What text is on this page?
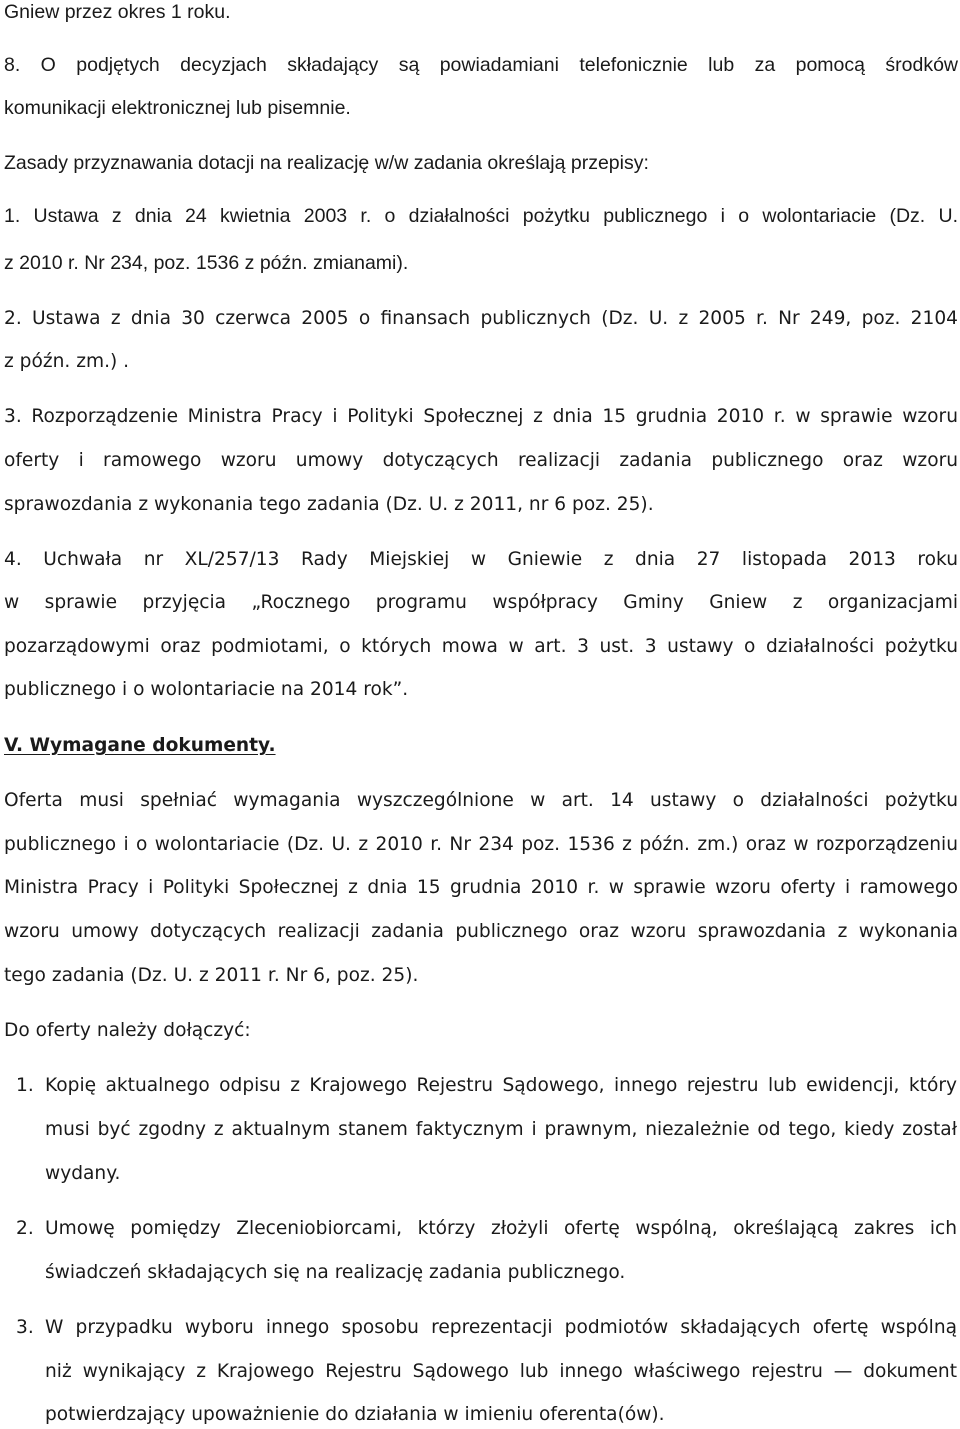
Gniew przez okres 1 roku.
8. O podjętych decyzjach składający są powiadamiani telefonicznie lub za pomocą środków
komunikacji elektronicznej lub pisemnie.
Zasady przyznawania dotacji na realizację w/w zadania określają przepisy:
1. Ustawa z dnia 24 kwietnia 2003 r. o działalności pożytku publicznego i o wolontariacie (Dz. U.
z 2010 r. Nr 234, poz. 1536 z późn. zmianami).
2. Ustawa z dnia 30 czerwca 2005 o finansach publicznych (Dz. U. z 2005 r. Nr 249, poz. 2104
z późn. zm.) .
3. Rozporządzenie Ministra Pracy i Polityki Społecznej z dnia 15 grudnia 2010 r. w sprawie wzoru
oferty i ramowego wzoru umowy dotyczących realizacji zadania publicznego oraz wzoru
sprawozdania z wykonania tego zadania (Dz. U. z 2011, nr 6 poz. 25).
4. Uchwała nr XL/257/13 Rady Miejskiej w Gniewie z dnia 27 listopada 2013 roku
w sprawie przyjęcia „Rocznego programu współpracy Gminy Gniew z organizacjami
pozarządowymi oraz podmiotami, o których mowa w art. 3 ust. 3 ustawy o działalności pożytku
publicznego i o wolontariacie na 2014 rok”.
V. Wymagane dokumenty.
Oferta musi spełniać wymagania wyszczególnione w art. 14 ustawy o działalności pożytku
publicznego i o wolontariacie (Dz. U. z 2010 r. Nr 234 poz. 1536 z późn. zm.) oraz w rozporządzeniu
Ministra Pracy i Polityki Społecznej z dnia 15 grudnia 2010 r. w sprawie wzoru oferty i ramowego
wzoru umowy dotyczących realizacji zadania publicznego oraz wzoru sprawozdania z wykonania
tego zadania (Dz. U. z 2011 r. Nr 6, poz. 25).
Do oferty należy dołączyć:
1. Kopię aktualnego odpisu z Krajowego Rejestru Sądowego, innego rejestru lub ewidencji, który
musi być zgodny z aktualnym stanem faktycznym i prawnym, niezależnie od tego, kiedy został
wydany.
2. Umowę pomiędzy Zleceniobiorcami, którzy złożyli ofertę wspólną, określającą zakres ich
świadczeń składających się na realizację zadania publicznego.
3. W przypadku wyboru innego sposobu reprezentacji podmiotów składających ofertę wspólną
niż wynikający z Krajowego Rejestru Sądowego lub innego właściwego rejestru — dokument
potwierdzający upoważnienie do działania w imieniu oferenta(ów).
